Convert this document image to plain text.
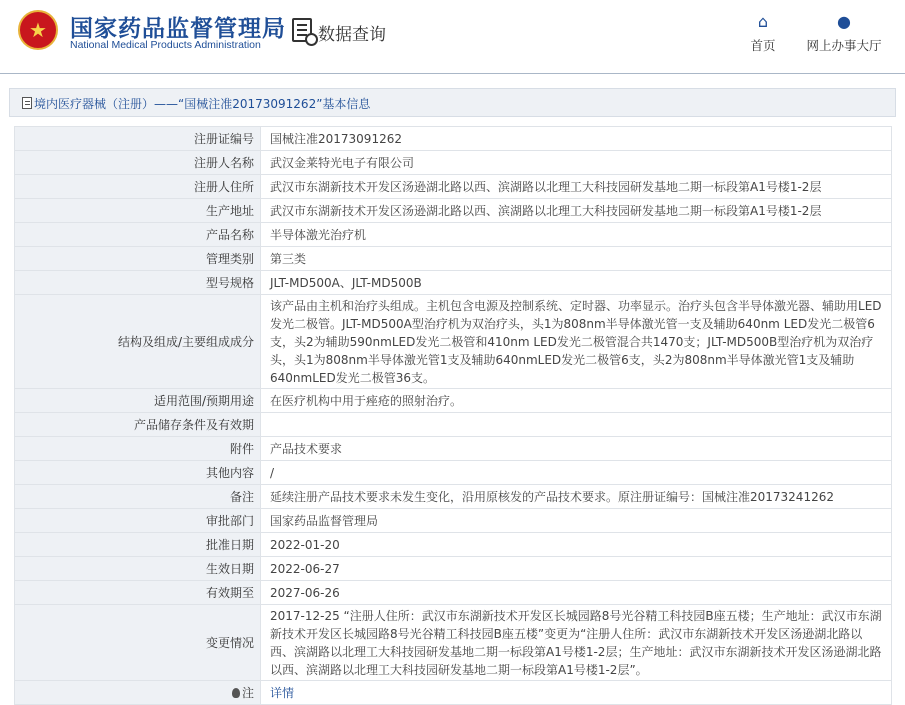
★	国家药品监督管理局
National Medical Products Administration	数据查询
⌂
首页
●
网上办事大厅
境内医疗器械（注册）——“国械注准20173091262”基本信息
注册证编号	国械注准20173091262
注册人名称	武汉金莱特光电子有限公司
注册人住所	武汉市东湖新技术开发区汤逊湖北路以西、滨湖路以北理工大科技园研发基地二期一标段第A1号楼1-2层
生产地址	武汉市东湖新技术开发区汤逊湖北路以西、滨湖路以北理工大科技园研发基地二期一标段第A1号楼1-2层
产品名称	半导体激光治疗机
管理类别	第三类
型号规格	JLT-MD500A、JLT-MD500B
结构及组成/主要组成成分	该产品由主机和治疗头组成。主机包含电源及控制系统、定时器、功率显示。治疗头包含半导体激光器、辅助用LED发光二极管。JLT-MD500A型治疗机为双治疗头，头1为808nm半导体激光管一支及辅助640nm LED发光二极管6支，头2为辅助590nmLED发光二极管和410nm LED发光二极管混合共1470支；JLT-MD500B型治疗机为双治疗头，头1为808nm半导体激光管1支及辅助640nmLED发光二极管6支，头2为808nm半导体激光管1支及辅助640nmLED发光二极管36支。
适用范围/预期用途	在医疗机构中用于痤疮的照射治疗。
产品储存条件及有效期	
附件	产品技术要求
其他内容	/
备注	延续注册产品技术要求未发生变化，沿用原核发的产品技术要求。原注册证编号：国械注准20173241262
审批部门	国家药品监督管理局
批准日期	2022-01-20
生效日期	2022-06-27
有效期至	2027-06-26
变更情况	2017-12-25 “注册人住所：武汉市东湖新技术开发区长城园路8号光谷精工科技园B座五楼；生产地址：武汉市东湖新技术开发区长城园路8号光谷精工科技园B座五楼”变更为“注册人住所：武汉市东湖新技术开发区汤逊湖北路以西、滨湖路以北理工大科技园研发基地二期一标段第A1号楼1-2层；生产地址：武汉市东湖新技术开发区汤逊湖北路以西、滨湖路以北理工大科技园研发基地二期一标段第A1号楼1-2层”。
注	详情
